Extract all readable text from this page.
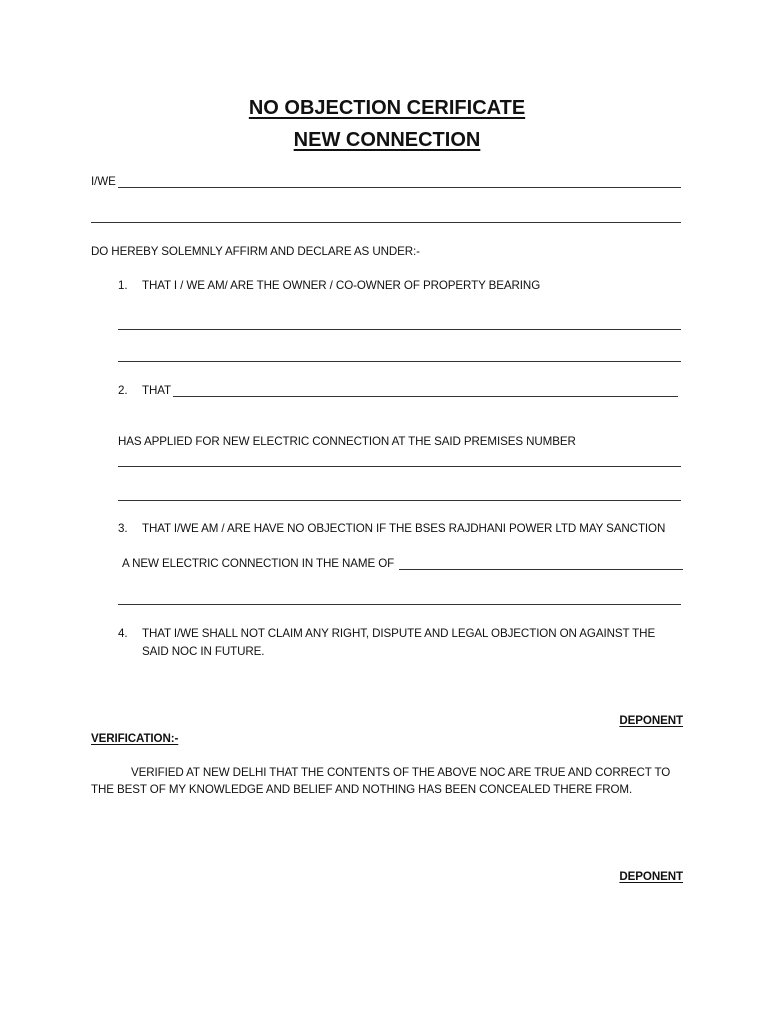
NO OBJECTION CERIFICATE
NEW CONNECTION
I/WE
DO HEREBY SOLEMNLY AFFIRM AND DECLARE AS UNDER:-
1. THAT I / WE AM/ ARE THE OWNER / CO-OWNER OF PROPERTY BEARING
2. THAT
HAS APPLIED FOR NEW ELECTRIC CONNECTION AT THE SAID PREMISES NUMBER
3. THAT I/WE AM / ARE HAVE NO OBJECTION IF THE BSES RAJDHANI POWER LTD MAY SANCTION
A NEW ELECTRIC CONNECTION IN THE NAME OF
4. THAT I/WE SHALL NOT CLAIM ANY RIGHT, DISPUTE AND LEGAL OBJECTION ON AGAINST THE
SAID NOC IN FUTURE.
DEPONENT
VERIFICATION:-
VERIFIED AT NEW DELHI THAT THE CONTENTS OF THE ABOVE NOC ARE TRUE AND CORRECT TO
THE BEST OF MY KNOWLEDGE AND BELIEF AND NOTHING HAS BEEN CONCEALED THERE FROM.
DEPONENT
